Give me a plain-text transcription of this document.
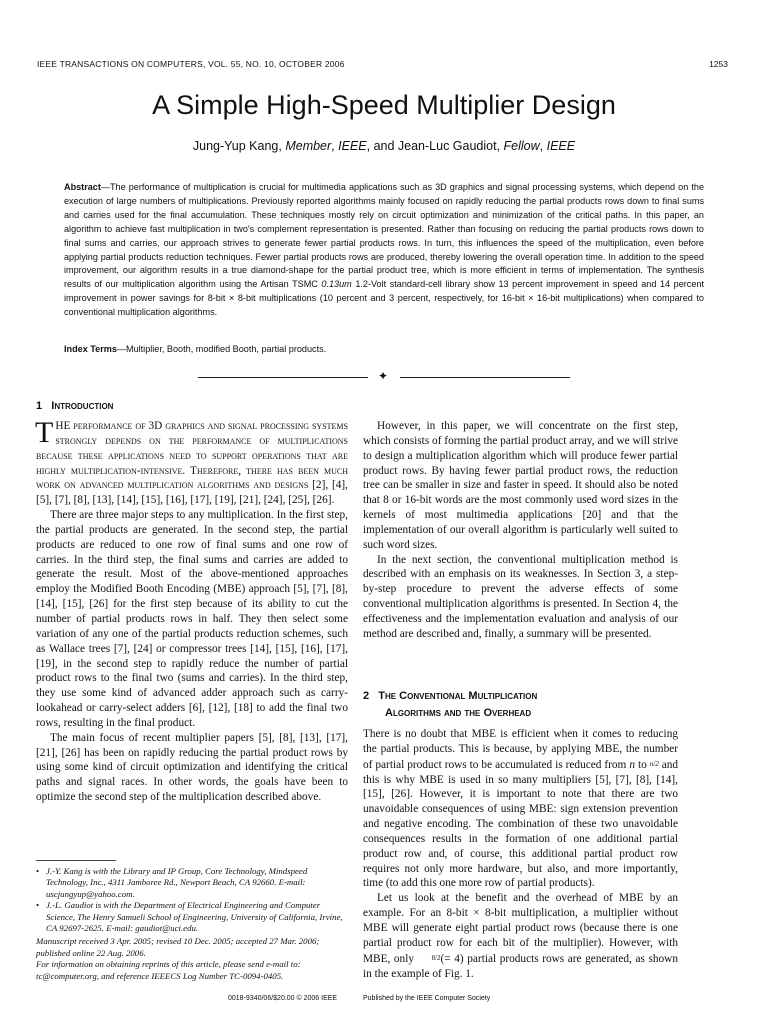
IEEE TRANSACTIONS ON COMPUTERS, VOL. 55, NO. 10, OCTOBER 2006	1253
A Simple High-Speed Multiplier Design
Jung-Yup Kang, Member, IEEE, and Jean-Luc Gaudiot, Fellow, IEEE

Abstract—The performance of multiplication is crucial for multimedia applications such as 3D graphics and signal processing systems, which depend on the execution of large numbers of multiplications. Previously reported algorithms mainly focused on rapidly reducing the partial products rows down to final sums and carries used for the final accumulation. These techniques mostly rely on circuit optimization and minimization of the critical paths. In this paper, an algorithm to achieve fast multiplication in two's complement representation is presented. Rather than focusing on reducing the partial products rows down to final sums and carries, our approach strives to generate fewer partial products rows. In turn, this influences the speed of the multiplication, even before applying partial products reduction techniques. Fewer partial products rows are produced, thereby lowering the overall operation time. In addition to the speed improvement, our algorithm results in a true diamond-shape for the partial product tree, which is more efficient in terms of implementation. The synthesis results of our multiplication algorithm using the Artisan TSMC 0.13um 1.2-Volt standard-cell library show 13 percent improvement in speed and 14 percent improvement in power savings for 8-bit × 8-bit multiplications (10 percent and 3 percent, respectively, for 16-bit × 16-bit multiplications) when compared to conventional multiplication algorithms.

Index Terms—Multiplier, Booth, modified Booth, partial products.

✦
1 Introduction

THE performance of 3D graphics and signal processing systems strongly depends on the performance of multiplications because these applications need to support operations that are highly multiplication-intensive. Therefore, there has been much work on advanced multiplication algorithms and designs [2], [4], [5], [7], [8], [13], [14], [15], [16], [17], [19], [21], [24], [25], [26].

There are three major steps to any multiplication. In the first step, the partial products are generated. In the second step, the partial products are reduced to one row of final sums and one row of carries. In the third step, the final sums and carries are added to generate the result. Most of the above-mentioned approaches employ the Modified Booth Encoding (MBE) approach [5], [7], [8], [14], [15], [26] for the first step because of its ability to cut the number of partial products rows in half. They then select some variation of any one of the partial products reduction schemes, such as Wallace trees [7], [24] or compressor trees [14], [15], [16], [17], [19], in the second step to rapidly reduce the number of partial product rows to the final two (sums and carries). In the third step, they use some kind of advanced adder approach such as carry-lookahead or carry-select adders [6], [12], [18] to add the final two rows, resulting in the final product.

The main focus of recent multiplier papers [5], [8], [13], [17], [21], [26] has been on rapidly reducing the partial product rows by using some kind of circuit optimization and identifying the critical paths and signal races. In other words, the goals have been to optimize the second step of the multiplication described above.

However, in this paper, we will concentrate on the first step, which consists of forming the partial product array, and we will strive to design a multiplication algorithm which will produce fewer partial product rows. By having fewer partial product rows, the reduction tree can be smaller in size and faster in speed. It should also be noted that 8 or 16-bit words are the most commonly used word sizes in the kernels of most multimedia applications [20] and that the implementation of our overall algorithm is particularly well suited to such word sizes.

In the next section, the conventional multiplication method is described with an emphasis on its weaknesses. In Section 3, a step-by-step procedure to prevent the adverse effects of some conventional multiplication algorithms is presented. In Section 4, the effectiveness and the implementation evaluation and analysis of our method are described and, finally, a summary will be presented.

2 The Conventional Multiplication
Algorithms and the Overhead

There is no doubt that MBE is efficient when it comes to reducing the partial products. This is because, by applying MBE, the number of partial product rows to be accumulated is reduced from n to n/2 and this is why MBE is used in so many multipliers [5], [7], [8], [14], [15], [26]. However, it is important to note that there are two unavoidable consequences of using MBE: sign extension prevention and negative encoding. The combination of these two unavoidable consequences results in the formation of one additional partial product row and, of course, this additional partial product row requires not only more hardware, but also, and more importantly, time (to add this one more row of partial products).

Let us look at the benefit and the overhead of MBE by an example. For an 8-bit × 8-bit multiplication, a multiplier without MBE will generate eight partial product rows (because there is one partial product row for each bit of the multiplier). However, with MBE, only 8/2(= 4) partial products rows are generated, as shown in the example of Fig. 1.

• J.-Y. Kang is with the Library and IP Group, Core Technology, Mindspeed Technology, Inc., 4311 Jamboree Rd., Newport Beach, CA 92660. E-mail: uscjungyup@yahoo.com.
• J.-L. Gaudiot is with the Department of Electrical Engineering and Computer Science, The Henry Samueli School of Engineering, University of California, Irvine, CA 92697-2625. E-mail: gaudiot@uci.edu.
Manuscript received 3 Apr. 2005; revised 10 Dec. 2005; accepted 27 Mar. 2006; published online 22 Aug. 2006.
For information on obtaining reprints of this article, please send e-mail to: tc@computer.org, and reference IEEECS Log Number TC-0094-0405.
0018-9340/06/$20.00 © 2006 IEEE	Published by the IEEE Computer Society
